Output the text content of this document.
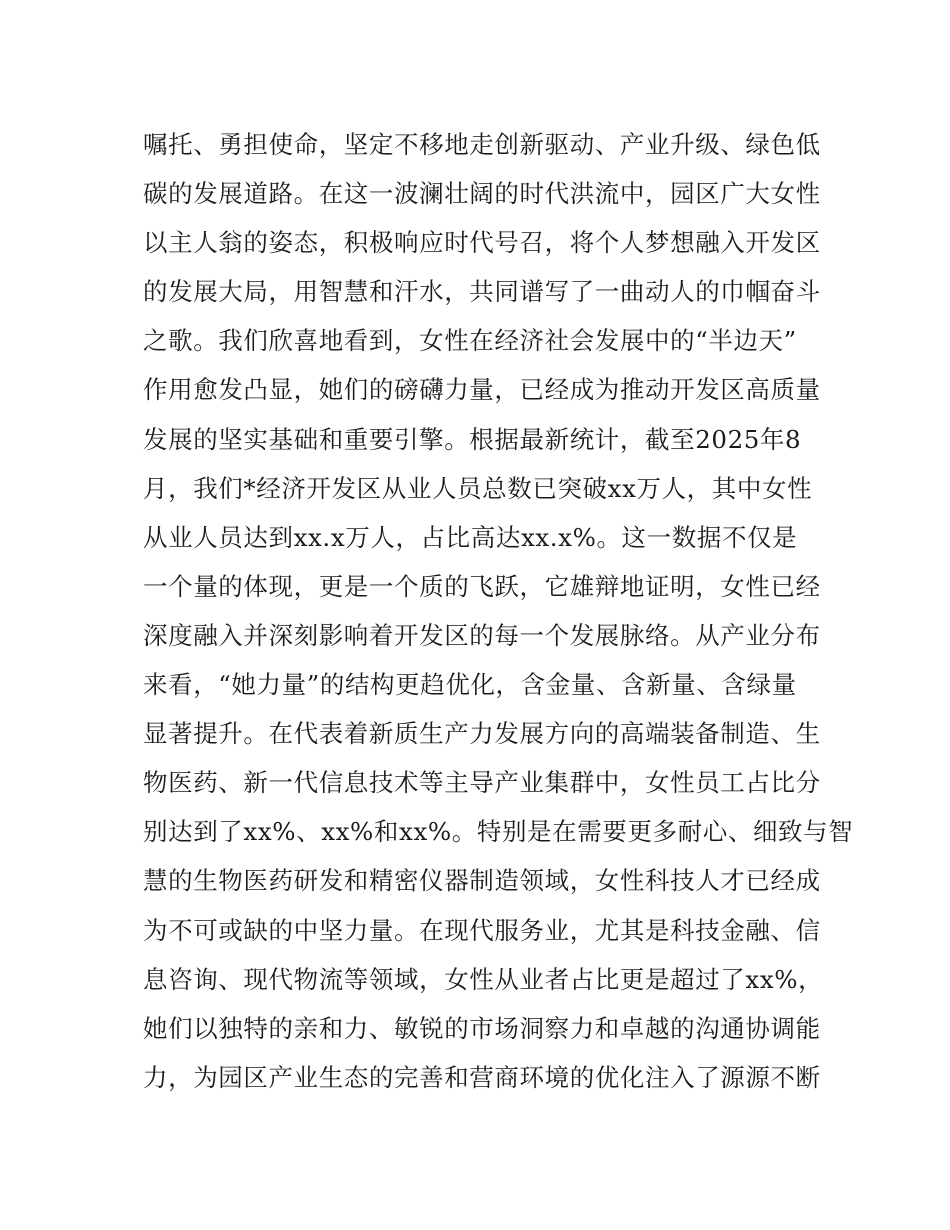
嘱托、勇担使命，坚定不移地走创新驱动、产业升级、绿色低
碳的发展道路。在这一波澜壮阔的时代洪流中，园区广大女性
以主人翁的姿态，积极响应时代号召，将个人梦想融入开发区
的发展大局，用智慧和汗水，共同谱写了一曲动人的巾帼奋斗
之歌。我们欣喜地看到，女性在经济社会发展中的“半边天”
作用愈发凸显，她们的磅礴力量，已经成为推动开发区高质量
发展的坚实基础和重要引擎。根据最新统计，截至2025年8
月，我们*经济开发区从业人员总数已突破xx万人，其中女性
从业人员达到xx.x万人，占比高达xx.x%。这一数据不仅是
一个量的体现，更是一个质的飞跃，它雄辩地证明，女性已经
深度融入并深刻影响着开发区的每一个发展脉络。从产业分布
来看，“她力量”的结构更趋优化，含金量、含新量、含绿量
显著提升。在代表着新质生产力发展方向的高端装备制造、生
物医药、新一代信息技术等主导产业集群中，女性员工占比分
别达到了xx%、xx%和xx%。特别是在需要更多耐心、细致与智
慧的生物医药研发和精密仪器制造领域，女性科技人才已经成
为不可或缺的中坚力量。在现代服务业，尤其是科技金融、信
息咨询、现代物流等领域，女性从业者占比更是超过了xx%，
她们以独特的亲和力、敏锐的市场洞察力和卓越的沟通协调能
力，为园区产业生态的完善和营商环境的优化注入了源源不断
